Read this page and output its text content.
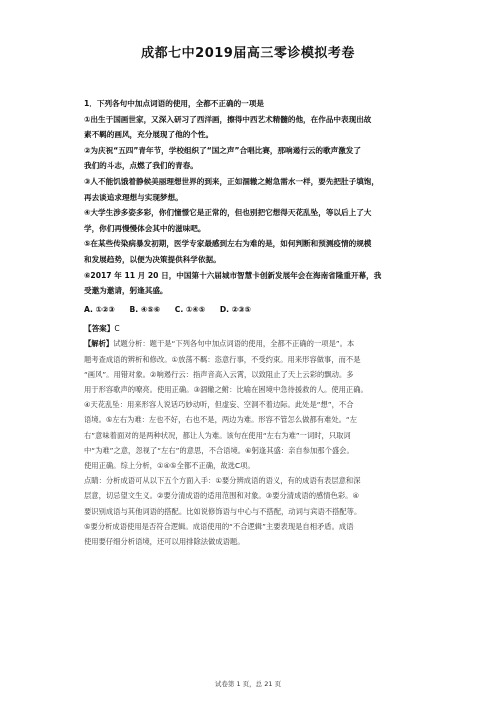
成都七中2019届高三零诊模拟考卷
1．下列各句中加点词语的使用，全都不正确的一项是
①出生于国画世家，又深入研习了西洋画，擦得中西艺术精髓的他，在作品中表现出故
素不羁的画风，充分展现了他的个性。
②为庆祝“五四”青年节，学校组织了“国之声”合唱比赛，那响遏行云的歌声激发了
我们的斗志，点燃了我们的青春。
③人不能饥饿着静候美丽理想世界的到来，正如涸辙之鲋急需水一样，要先把肚子填饱，
再去谈追求理想与实现梦想。
④大学生涉多姿多彩，你们憧憬它是正常的，但也别把它想得天花乱坠，等以后上了大
学，你们再慢慢体会其中的滋味吧。
⑤在某些传染病暴发初期，医学专家最感到左右为难的是，如何判断和预测疫情的规模
和发展趋势，以便为决策提供科学依据。
⑥2017 年 11 月 20 日，中国第十六届城市智慧卡创新发展年会在海南省隆重开幕，我
受邀为邀请，躬逢其盛。
A. ①②③ B. ④⑤⑥ C. ①④⑤ D. ②③⑤
【答案】C
【解析】试题分析：题干是“下列各句中加点词语的使用，全都不正确的一项是”。本
题考查成语的辨析和修改。①放荡不羁：恣意行事，不受约束。用来形容做事，而不是
“画风”。用错对象。②响遏行云：指声音高入云霄，以致阻止了天上云彩的飘动。多
用于形容歌声的嘹亮。使用正确。③涸辙之鲋：比喻在困境中急待援救的人。使用正确。
④天花乱坠：用来形容人说话巧妙动听，但虚妄、空洞不着边际。此处是“想”，不合
语境。⑤左右为难：左也不好，右也不是，两边为难。形容不管怎么做都有难处。“左
右”意味着面对的是两种状况，都让人为难。该句在使用“左右为难”一词时，只取词
中“为难”之意，忽视了“左右”的意思，不合语境。⑥躬逢其盛：亲自参加那个盛会。
使用正确。综上分析，①④⑤全都不正确，故选C项。
点睛：分析成语可从以下五个方面入手：①要分辨成语的语义，有的成语有表层意和深
层意，切忌望文生义。②要分清成语的适用范围和对象。③要分清成语的感情色彩。④
要识别成语与其他词语的搭配。比如说修饰语与中心与不搭配，动词与宾语不搭配等。
⑤要分析成语使用是否符合逻辑。成语使用的“不合逻辑”主要表现是自相矛盾。成语
使用要仔细分析语境，还可以用排除法做成语题。
试卷第 1 页，总 21 页
